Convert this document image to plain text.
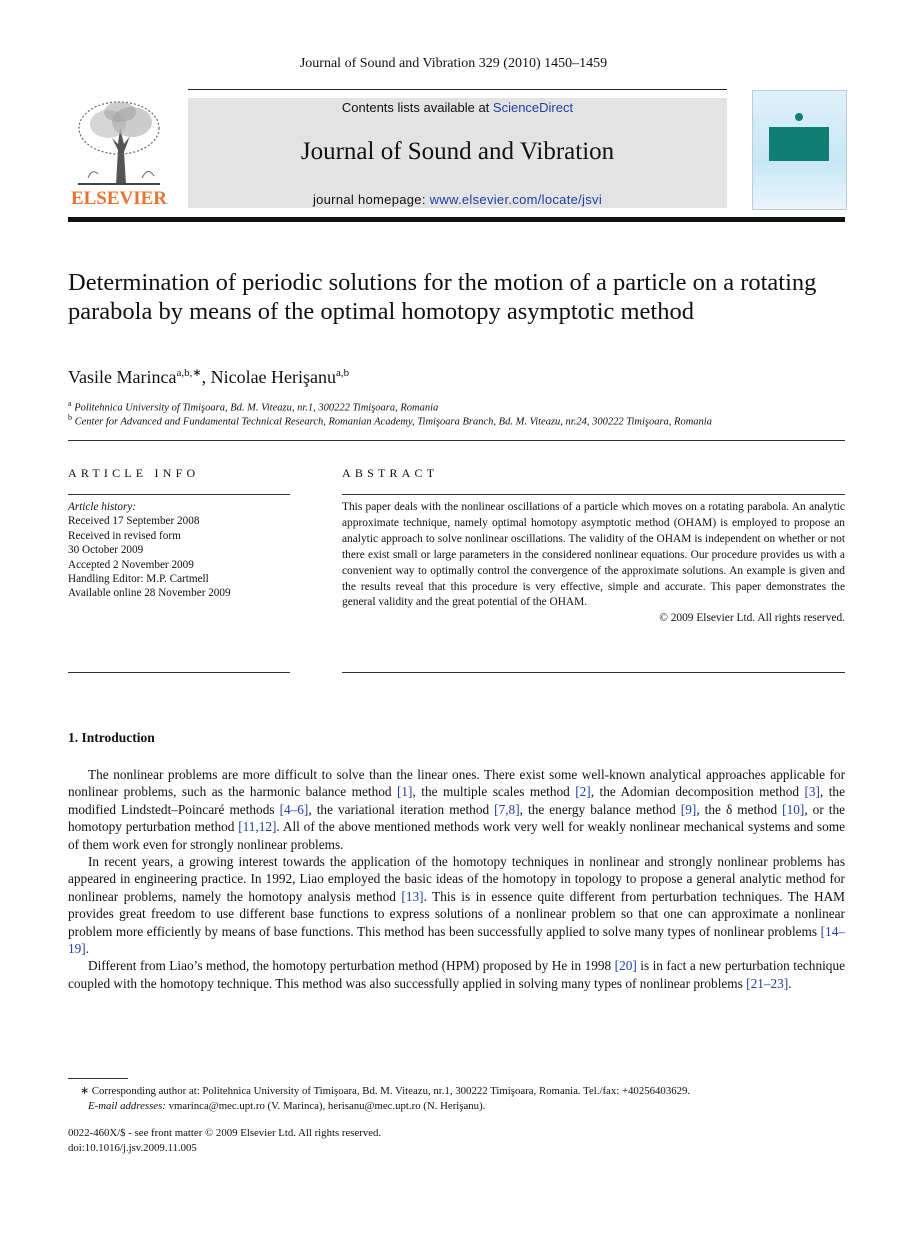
Journal of Sound and Vibration 329 (2010) 1450–1459
ELSEVIER
Contents lists available at ScienceDirect
Journal of Sound and Vibration
journal homepage: www.elsevier.com/locate/jsvi
Determination of periodic solutions for the motion of a particle on a rotating parabola by means of the optimal homotopy asymptotic method
Vasile Marinca$^{a,b,∗}$, Nicolae Herişanu$^{a,b}$
$^a$ Politehnica University of Timişoara, Bd. M. Viteazu, nr.1, 300222 Timişoara, Romania
$^b$ Center for Advanced and Fundamental Technical Research, Romanian Academy, Timişoara Branch, Bd. M. Viteazu, nr.24, 300222 Timişoara, Romania
ARTICLE INFO
Article history:
Received 17 September 2008
Received in revised form
30 October 2009
Accepted 2 November 2009
Handling Editor: M.P. Cartmell
Available online 28 November 2009
ABSTRACT
This paper deals with the nonlinear oscillations of a particle which moves on a rotating parabola. An analytic approximate technique, namely optimal homotopy asymptotic method (OHAM) is employed to propose an analytic approach to solve nonlinear oscillations. The validity of the OHAM is independent on whether or not there exist small or large parameters in the considered nonlinear equations. Our procedure provides us with a convenient way to optimally control the convergence of the approximate solutions. An example is given and the results reveal that this procedure is very effective, simple and accurate. This paper demonstrates the general validity and the great potential of the OHAM.
© 2009 Elsevier Ltd. All rights reserved.
1. Introduction

The nonlinear problems are more difficult to solve than the linear ones. There exist some well-known analytical approaches applicable for nonlinear problems, such as the harmonic balance method [1], the multiple scales method [2], the Adomian decomposition method [3], the modified Lindstedt–Poincaré methods [4–6], the variational iteration method [7,8], the energy balance method [9], the δ method [10], or the homotopy perturbation method [11,12]. All of the above mentioned methods work very well for weakly nonlinear mechanical systems and some of them work even for strongly nonlinear problems.

In recent years, a growing interest towards the application of the homotopy techniques in nonlinear and strongly nonlinear problems has appeared in engineering practice. In 1992, Liao employed the basic ideas of the homotopy in topology to propose a general analytic method for nonlinear problems, namely the homotopy analysis method [13]. This is in essence quite different from perturbation techniques. The HAM provides great freedom to use different base functions to express solutions of a nonlinear problem so that one can approximate a nonlinear problem more efficiently by means of base functions. This method has been successfully applied to solve many types of nonlinear problems [14–19].

Different from Liao’s method, the homotopy perturbation method (HPM) proposed by He in 1998 [20] is in fact a new perturbation technique coupled with the homotopy technique. This method was also successfully applied in solving many types of nonlinear problems [21–23].

∗ Corresponding author at: Politehnica University of Timişoara, Bd. M. Viteazu, nr.1, 300222 Timişoara, Romania. Tel./fax: +40256403629.
E-mail addresses: vmarinca@mec.upt.ro (V. Marinca), herisanu@mec.upt.ro (N. Herişanu).
0022-460X/$ - see front matter © 2009 Elsevier Ltd. All rights reserved.
doi:10.1016/j.jsv.2009.11.005
